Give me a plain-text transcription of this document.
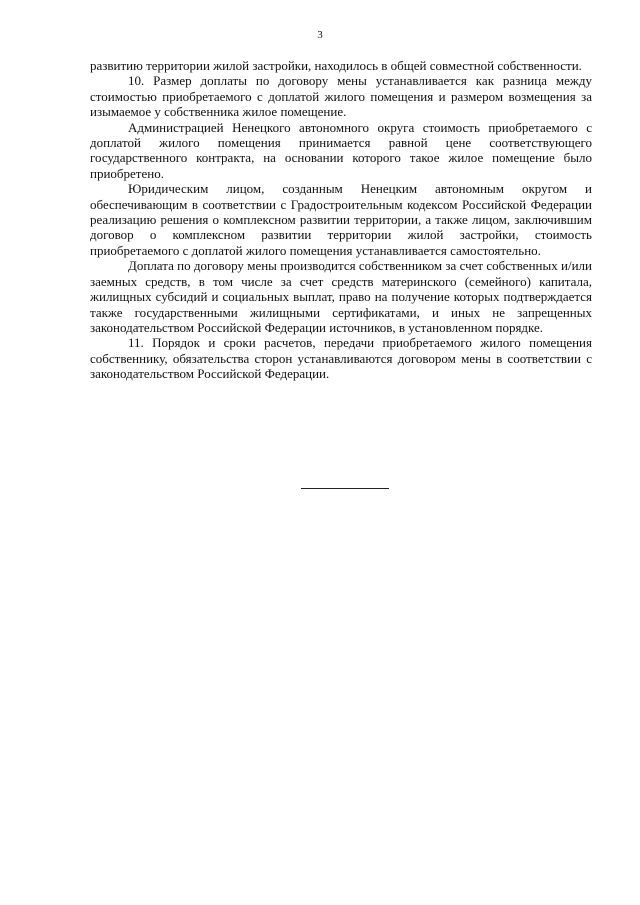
3

развитию территории жилой застройки, находилось в общей совместной собственности.

10. Размер доплаты по договору мены устанавливается как разница между стоимостью приобретаемого с доплатой жилого помещения и размером возмещения за изымаемое у собственника жилое помещение.

Администрацией Ненецкого автономного округа стоимость приобретаемого с доплатой жилого помещения принимается равной цене соответствующего государственного контракта, на основании которого такое жилое помещение было приобретено.

Юридическим лицом, созданным Ненецким автономным округом и обеспечивающим в соответствии с Градостроительным кодексом Российской Федерации реализацию решения о комплексном развитии территории, а также лицом, заключившим договор о комплексном развитии территории жилой застройки, стоимость приобретаемого с доплатой жилого помещения устанавливается самостоятельно.

Доплата по договору мены производится собственником за счет собственных и/или заемных средств, в том числе за счет средств материнского (семейного) капитала, жилищных субсидий и социальных выплат, право на получение которых подтверждается также государственными жилищными сертификатами, и иных не запрещенных законодательством Российской Федерации источников, в установленном порядке.

11. Порядок и сроки расчетов, передачи приобретаемого жилого помещения собственнику, обязательства сторон устанавливаются договором мены в соответствии с законодательством Российской Федерации.
